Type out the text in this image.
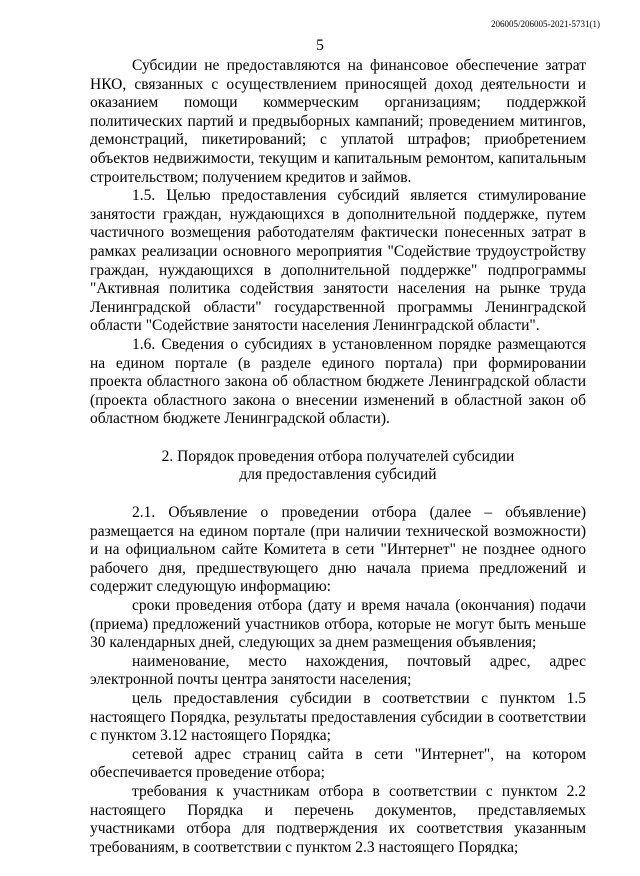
206005/206005-2021-5731(1)
5

Субсидии не предоставляются на финансовое обеспечение затрат НКО, связанных с осуществлением приносящей доход деятельности и оказанием помощи коммерческим организациям; поддержкой политических партий и предвыборных кампаний; проведением митингов, демонстраций, пикетирований; с уплатой штрафов; приобретением объектов недвижимости, текущим и капитальным ремонтом, капитальным строительством; получением кредитов и займов.

1.5. Целью предоставления субсидий является стимулирование занятости граждан, нуждающихся в дополнительной поддержке, путем частичного возмещения работодателям фактически понесенных затрат в рамках реализации основного мероприятия "Содействие трудоустройству граждан, нуждающихся в дополнительной поддержке" подпрограммы "Активная политика содействия занятости населения на рынке труда Ленинградской области" государственной программы Ленинградской области "Содействие занятости населения Ленинградской области".

1.6. Сведения о субсидиях в установленном порядке размещаются на едином портале (в разделе единого портала) при формировании проекта областного закона об областном бюджете Ленинградской области (проекта областного закона о внесении изменений в областной закон об областном бюджете Ленинградской области).

2. Порядок проведения отбора получателей субсидии

для предоставления субсидий

2.1. Объявление о проведении отбора (далее – объявление) размещается на едином портале (при наличии технической возможности) и на официальном сайте Комитета в сети "Интернет" не позднее одного рабочего дня, предшествующего дню начала приема предложений и содержит следующую информацию:

сроки проведения отбора (дату и время начала (окончания) подачи (приема) предложений участников отбора, которые не могут быть меньше 30 календарных дней, следующих за днем размещения объявления;

наименование, место нахождения, почтовый адрес, адрес электронной почты центра занятости населения;

цель предоставления субсидии в соответствии с пунктом 1.5 настоящего Порядка, результаты предоставления субсидии в соответствии с пунктом 3.12 настоящего Порядка;

сетевой адрес страниц сайта в сети "Интернет", на котором обеспечивается проведение отбора;

требования к участникам отбора в соответствии с пунктом 2.2 настоящего Порядка и перечень документов, представляемых участниками отбора для подтверждения их соответствия указанным требованиям, в соответствии с пунктом 2.3 настоящего Порядка;
